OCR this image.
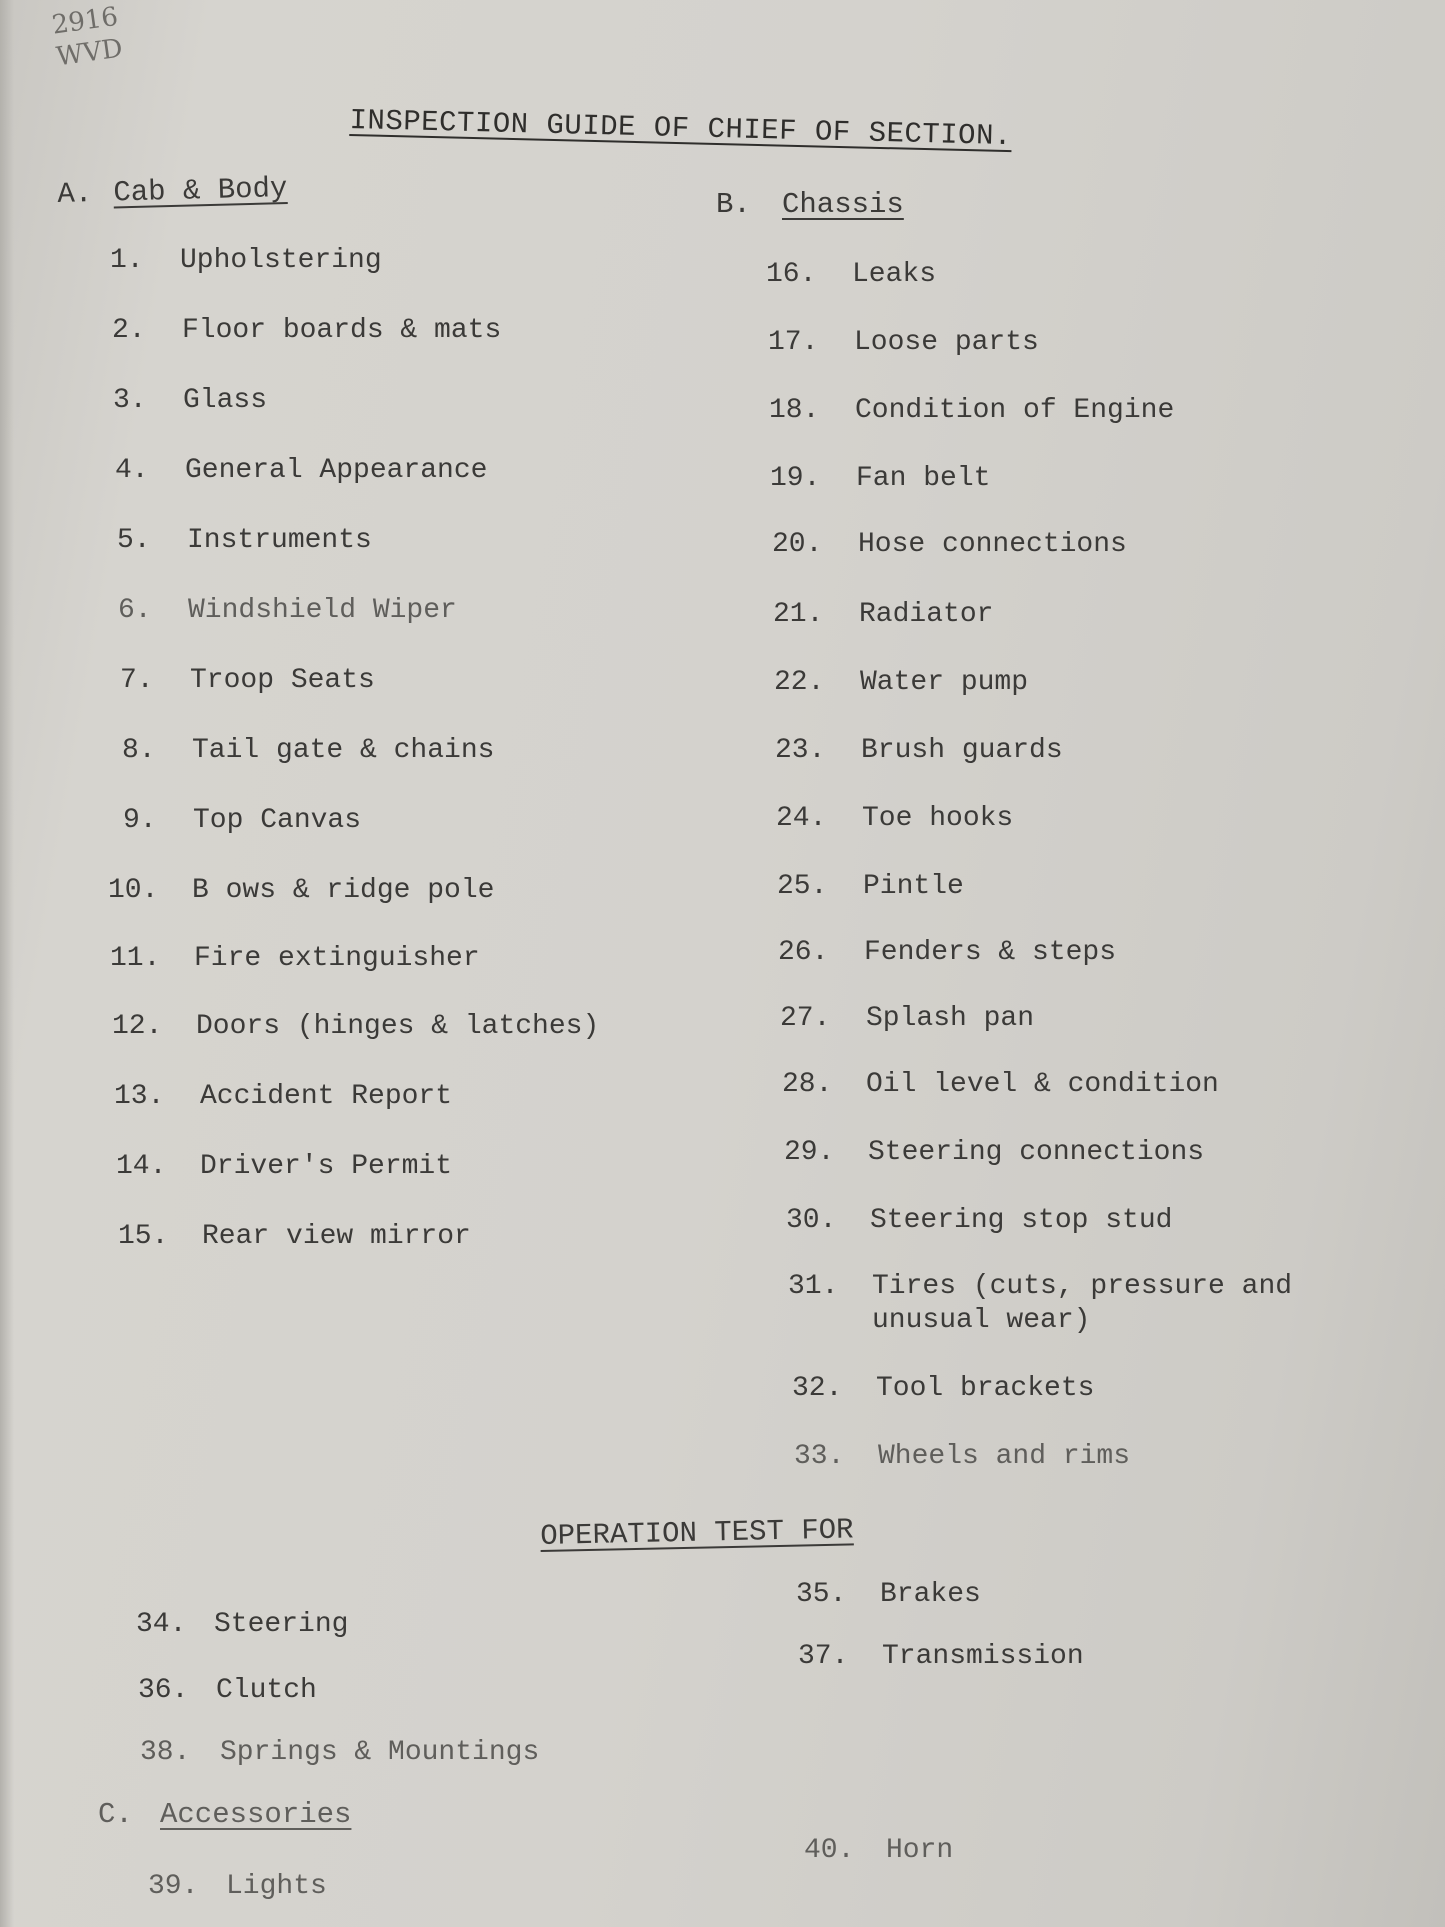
2916
WVD
INSPECTION GUIDE OF CHIEF OF SECTION.
A. Cab & Body	B. Chassis
1. Upholstering
2. Floor boards & mats
3. Glass
4. General Appearance
5. Instruments
6. Windshield Wiper
7. Troop Seats
8. Tail gate & chains
9. Top Canvas
10. B ows & ridge pole
11. Fire extinguisher
12. Doors (hinges & latches)
13. Accident Report
14. Driver's Permit
15. Rear view mirror
16. Leaks
17. Loose parts
18. Condition of Engine
19. Fan belt
20. Hose connections
21. Radiator
22. Water pump
23. Brush guards
24. Toe hooks
25. Pintle
26. Fenders & steps
27. Splash pan
28. Oil level & condition
29. Steering connections
30. Steering stop stud
31. Tires (cuts, pressure and
unusual wear)
32. Tool brackets
33. Wheels and rims
OPERATION TEST FOR
34. Steering
36. Clutch
38. Springs & Mountings
35. Brakes
37. Transmission
C. Accessories
39. Lights
40. Horn
